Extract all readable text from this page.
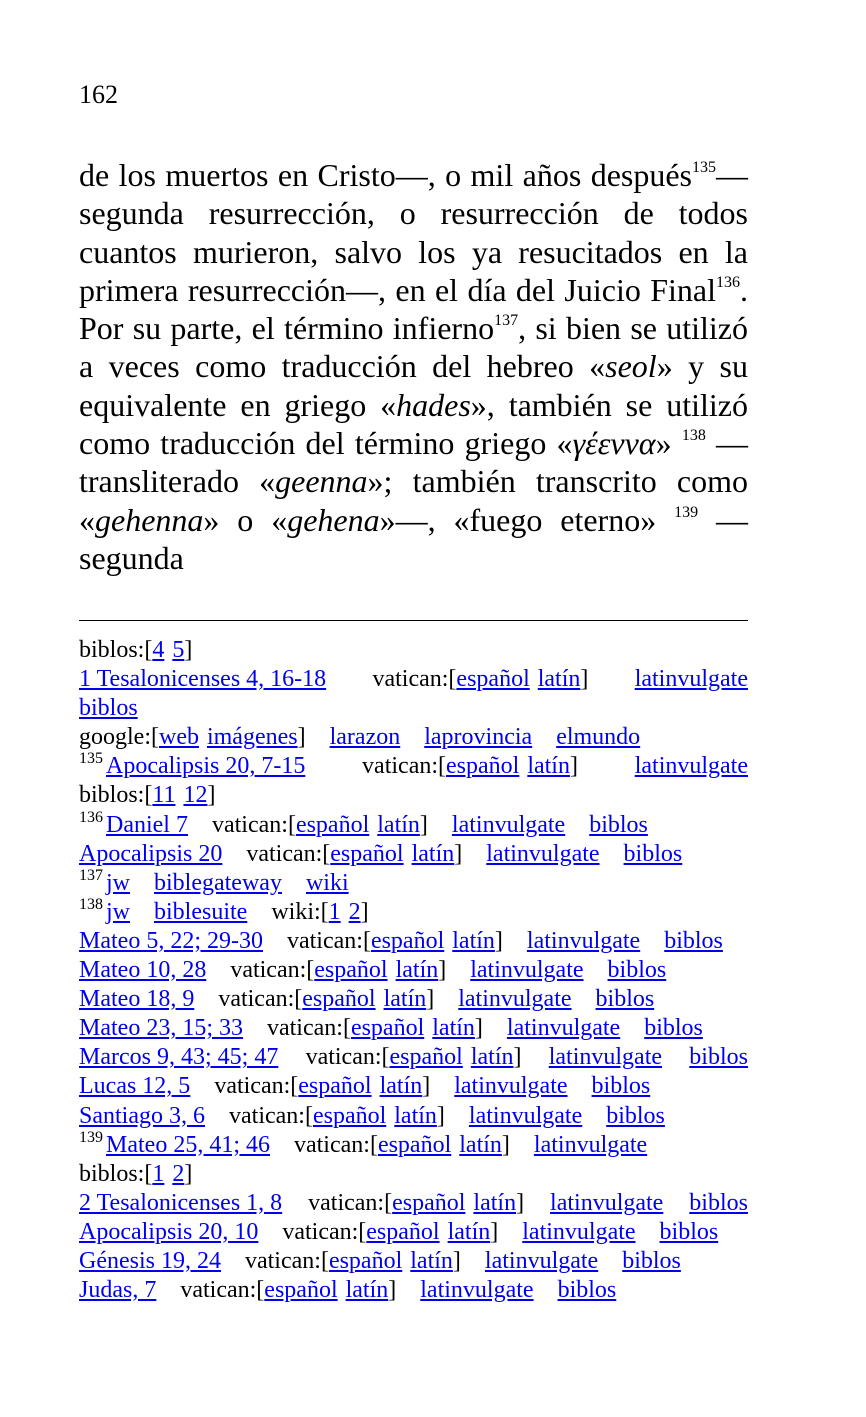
162
de los muertos en Cristo—, o mil años después$^{135}$—segunda resurrección, o resurrección de todos cuantos murieron, salvo los ya resucitados en la primera resurrección—, en el día del Juicio Final$^{136}$. Por su parte, el término infierno$^{137}$, si bien se utilizó a veces como traducción del hebreo «seol» y su equivalente en griego «hades», también se utilizó como traducción del término griego «γέεννα» $^{138}$ —transliterado «geenna»; también transcrito como «gehenna» o «gehena»—, «fuego eterno» $^{139}$ —segunda
biblos:[4 5]
1 Tesalonicenses 4, 16-18 vatican:[español latín] latinvulgate
biblos
google:[web imágenes] larazon laprovincia elmundo
$^{135}$ Apocalipsis 20, 7-15 vatican:[español latín] latinvulgate
biblos:[11 12]
$^{136}$ Daniel 7 vatican:[español latín] latinvulgate biblos
Apocalipsis 20 vatican:[español latín] latinvulgate biblos
$^{137}$ jw biblegateway wiki
$^{138}$ jw biblesuite wiki:[1 2]
Mateo 5, 22; 29-30 vatican:[español latín] latinvulgate biblos
Mateo 10, 28 vatican:[español latín] latinvulgate biblos
Mateo 18, 9 vatican:[español latín] latinvulgate biblos
Mateo 23, 15; 33 vatican:[español latín] latinvulgate biblos
Marcos 9, 43; 45; 47 vatican:[español latín] latinvulgate biblos
Lucas 12, 5 vatican:[español latín] latinvulgate biblos
Santiago 3, 6 vatican:[español latín] latinvulgate biblos
$^{139}$ Mateo 25, 41; 46 vatican:[español latín] latinvulgate
biblos:[1 2]
2 Tesalonicenses 1, 8 vatican:[español latín] latinvulgate biblos
Apocalipsis 20, 10 vatican:[español latín] latinvulgate biblos
Génesis 19, 24 vatican:[español latín] latinvulgate biblos
Judas, 7 vatican:[español latín] latinvulgate biblos
